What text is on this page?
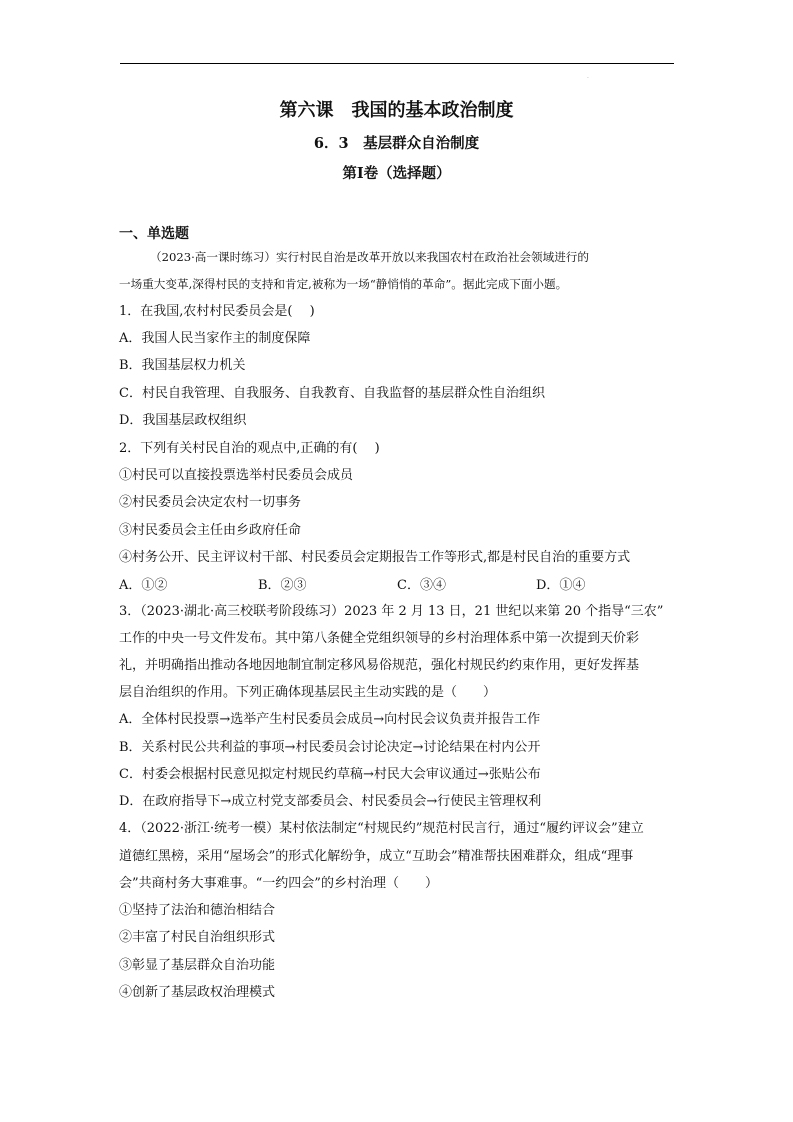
.
第六课　我国的基本政治制度
6．3　基层群众自治制度
第Ⅰ卷（选择题）
一、单选题
（2023·高一课时练习）实行村民自治是改革开放以来我国农村在政治社会领域进行的
一场重大变革,深得村民的支持和肯定,被称为一场“静悄悄的革命”。据此完成下面小题。
1．在我国,农村村民委员会是(　 )
A．我国人民当家作主的制度保障
B．我国基层权力机关
C．村民自我管理、自我服务、自我教育、自我监督的基层群众性自治组织
D．我国基层政权组织
2．下列有关村民自治的观点中,正确的有(　 )
①村民可以直接投票选举村民委员会成员
②村民委员会决定农村一切事务
③村民委员会主任由乡政府任命
④村务公开、民主评议村干部、村民委员会定期报告工作等形式,都是村民自治的重要方式
A．①②	B．②③	C．③④	D．①④
3．（2023·湖北·高三校联考阶段练习）2023 年 2 月 13 日，21 世纪以来第 20 个指导“三农”
工作的中央一号文件发布。其中第八条健全党组织领导的乡村治理体系中第一次提到天价彩
礼，并明确指出推动各地因地制宜制定移风易俗规范，强化村规民约约束作用，更好发挥基
层自治组织的作用。下列正确体现基层民主生动实践的是（　　）
A．全体村民投票→选举产生村民委员会成员→向村民会议负责并报告工作
B．关系村民公共利益的事项→村民委员会讨论决定→讨论结果在村内公开
C．村委会根据村民意见拟定村规民约草稿→村民大会审议通过→张贴公布
D．在政府指导下→成立村党支部委员会、村民委员会→行使民主管理权利
4．（2022·浙江·统考一模）某村依法制定“村规民约”规范村民言行，通过“履约评议会”建立
道德红黑榜，采用“屋场会”的形式化解纷争，成立“互助会”精准帮扶困难群众，组成“理事
会”共商村务大事难事。“一约四会”的乡村治理（　　）
①坚持了法治和德治相结合
②丰富了村民自治组织形式
③彰显了基层群众自治功能
④创新了基层政权治理模式
